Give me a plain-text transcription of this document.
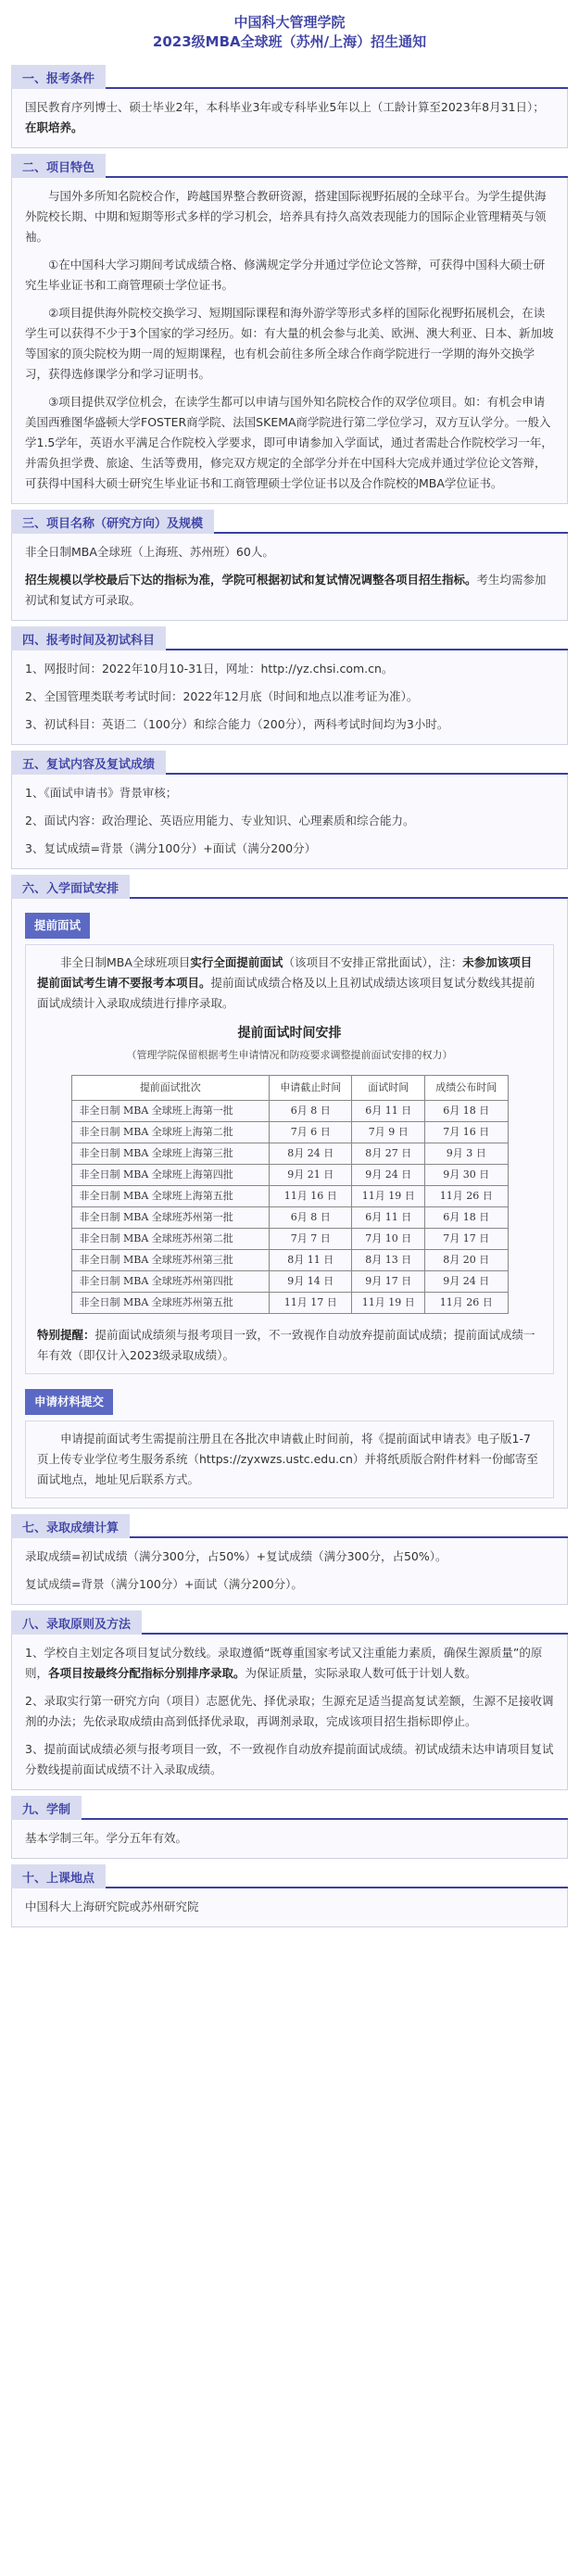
中国科大管理学院
2023级MBA全球班（苏州/上海）招生通知
一、报考条件

国民教育序列博士、硕士毕业2年，本科毕业3年或专科毕业5年以上（工龄计算至2023年8月31日）；在职培养。

二、项目特色

与国外多所知名院校合作，跨越国界整合教研资源，搭建国际视野拓展的全球平台。为学生提供海外院校长期、中期和短期等形式多样的学习机会，培养具有持久高效表现能力的国际企业管理精英与领袖。

①在中国科大学习期间考试成绩合格、修满规定学分并通过学位论文答辩，可获得中国科大硕士研究生毕业证书和工商管理硕士学位证书。

②项目提供海外院校交换学习、短期国际课程和海外游学等形式多样的国际化视野拓展机会，在读学生可以获得不少于3个国家的学习经历。如：有大量的机会参与北美、欧洲、澳大利亚、日本、新加坡等国家的顶尖院校为期一周的短期课程，也有机会前往多所全球合作商学院进行一学期的海外交换学习，获得选修课学分和学习证明书。

③项目提供双学位机会，在读学生都可以申请与国外知名院校合作的双学位项目。如：有机会申请美国西雅图华盛顿大学FOSTER商学院、法国SKEMA商学院进行第二学位学习，双方互认学分。一般入学1.5学年，英语水平满足合作院校入学要求，即可申请参加入学面试，通过者需赴合作院校学习一年，并需负担学费、旅途、生活等费用，修完双方规定的全部学分并在中国科大完成并通过学位论文答辩，可获得中国科大硕士研究生毕业证书和工商管理硕士学位证书以及合作院校的MBA学位证书。

三、项目名称（研究方向）及规模

非全日制MBA全球班（上海班、苏州班）60人。

招生规模以学校最后下达的指标为准，学院可根据初试和复试情况调整各项目招生指标。考生均需参加初试和复试方可录取。

四、报考时间及初试科目

1、网报时间：2022年10月10-31日，网址：http://yz.chsi.com.cn。

2、全国管理类联考考试时间：2022年12月底（时间和地点以准考证为准）。

3、初试科目：英语二（100分）和综合能力（200分），两科考试时间均为3小时。

五、复试内容及复试成绩

1、《面试申请书》背景审核；

2、面试内容：政治理论、英语应用能力、专业知识、心理素质和综合能力。

3、复试成绩=背景（满分100分）+面试（满分200分）

六、入学面试安排
提前面试

非全日制MBA全球班项目实行全面提前面试（该项目不安排正常批面试），注：未参加该项目提前面试考生请不要报考本项目。提前面试成绩合格及以上且初试成绩达该项目复试分数线其提前面试成绩计入录取成绩进行排序录取。

提前面试时间安排
（管理学院保留根据考生申请情况和防疫要求调整提前面试安排的权力）
提前面试批次	申请截止时间	面试时间	成绩公布时间
非全日制 MBA 全球班上海第一批	6月 8 日	6月 11 日	6月 18 日
非全日制 MBA 全球班上海第二批	7月 6 日	7月 9 日	7月 16 日
非全日制 MBA 全球班上海第三批	8月 24 日	8月 27 日	9月 3 日
非全日制 MBA 全球班上海第四批	9月 21 日	9月 24 日	9月 30 日
非全日制 MBA 全球班上海第五批	11月 16 日	11月 19 日	11月 26 日
非全日制 MBA 全球班苏州第一批	6月 8 日	6月 11 日	6月 18 日
非全日制 MBA 全球班苏州第二批	7月 7 日	7月 10 日	7月 17 日
非全日制 MBA 全球班苏州第三批	8月 11 日	8月 13 日	8月 20 日
非全日制 MBA 全球班苏州第四批	9月 14 日	9月 17 日	9月 24 日
非全日制 MBA 全球班苏州第五批	11月 17 日	11月 19 日	11月 26 日

特别提醒：提前面试成绩须与报考项目一致，不一致视作自动放弃提前面试成绩；提前面试成绩一年有效（即仅计入2023级录取成绩）。

申请材料提交

申请提前面试考生需提前注册且在各批次申请截止时间前，将《提前面试申请表》电子版1-7页上传专业学位考生服务系统（https://zyxwzs.ustc.edu.cn）并将纸质版合附件材料一份邮寄至面试地点，地址见后联系方式。

七、录取成绩计算

录取成绩=初试成绩（满分300分，占50%）+复试成绩（满分300分，占50%）。

复试成绩=背景（满分100分）+面试（满分200分）。

八、录取原则及方法

1、学校自主划定各项目复试分数线。录取遵循“既尊重国家考试又注重能力素质，确保生源质量”的原则，各项目按最终分配指标分别排序录取。为保证质量，实际录取人数可低于计划人数。

2、录取实行第一研究方向（项目）志愿优先、择优录取；生源充足适当提高复试差额，生源不足接收调剂的办法；先依录取成绩由高到低择优录取，再调剂录取，完成该项目招生指标即停止。

3、提前面试成绩必须与报考项目一致，不一致视作自动放弃提前面试成绩。初试成绩未达申请项目复试分数线提前面试成绩不计入录取成绩。

九、学制

基本学制三年。学分五年有效。

十、上课地点

中国科大上海研究院或苏州研究院
